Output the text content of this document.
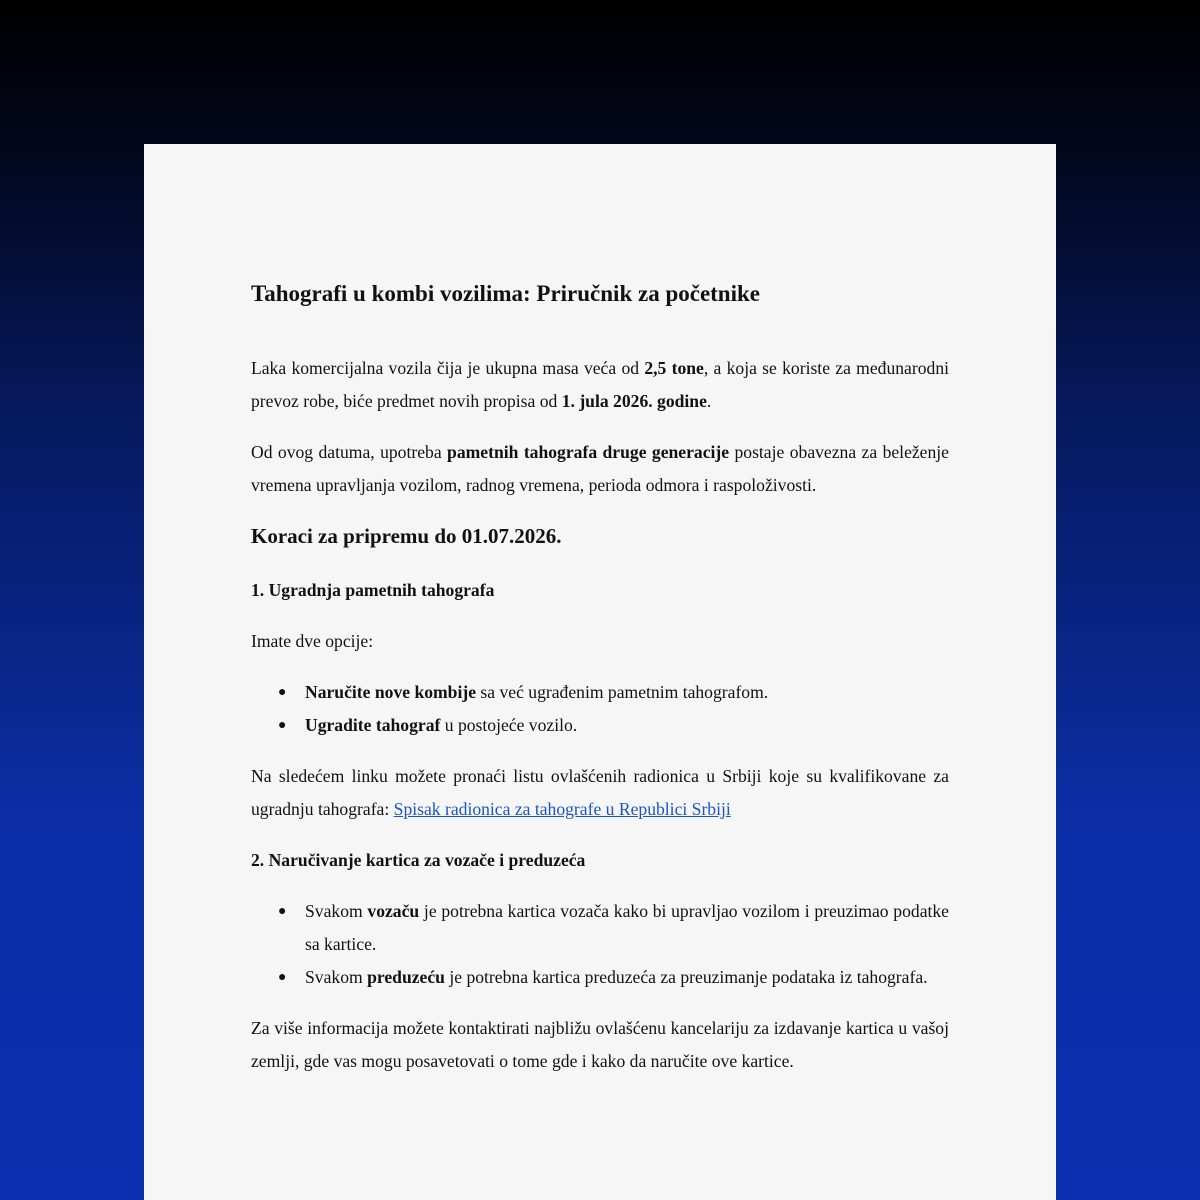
Tahografi u kombi vozilima: Priručnik za početnike

Laka komercijalna vozila čija je ukupna masa veća od 2,5 tone, a koja se koriste za međunarodni prevoz robe, biće predmet novih propisa od 1. jula 2026. godine.

Od ovog datuma, upotreba pametnih tahografa druge generacije postaje obavezna za beleženje vremena upravljanja vozilom, radnog vremena, perioda odmora i raspoloživosti.

Koraci za pripremu do 01.07.2026.
1. Ugradnja pametnih tahografa

Imate dve opcije:

● Naručite nove kombije sa već ugrađenim pametnim tahografom.
● Ugradite tahograf u postojeće vozilo.

Na sledećem linku možete pronaći listu ovlašćenih radionica u Srbiji koje su kvalifikovane za ugradnju tahografa: Spisak radionica za tahografe u Republici Srbiji

2. Naručivanje kartica za vozače i preduzeća
● Svakom vozaču je potrebna kartica vozača kako bi upravljao vozilom i preuzimao podatke sa kartice.
● Svakom preduzeću je potrebna kartica preduzeća za preuzimanje podataka iz tahografa.

Za više informacija možete kontaktirati najbližu ovlašćenu kancelariju za izdavanje kartica u vašoj zemlji, gde vas mogu posavetovati o tome gde i kako da naručite ove kartice.
